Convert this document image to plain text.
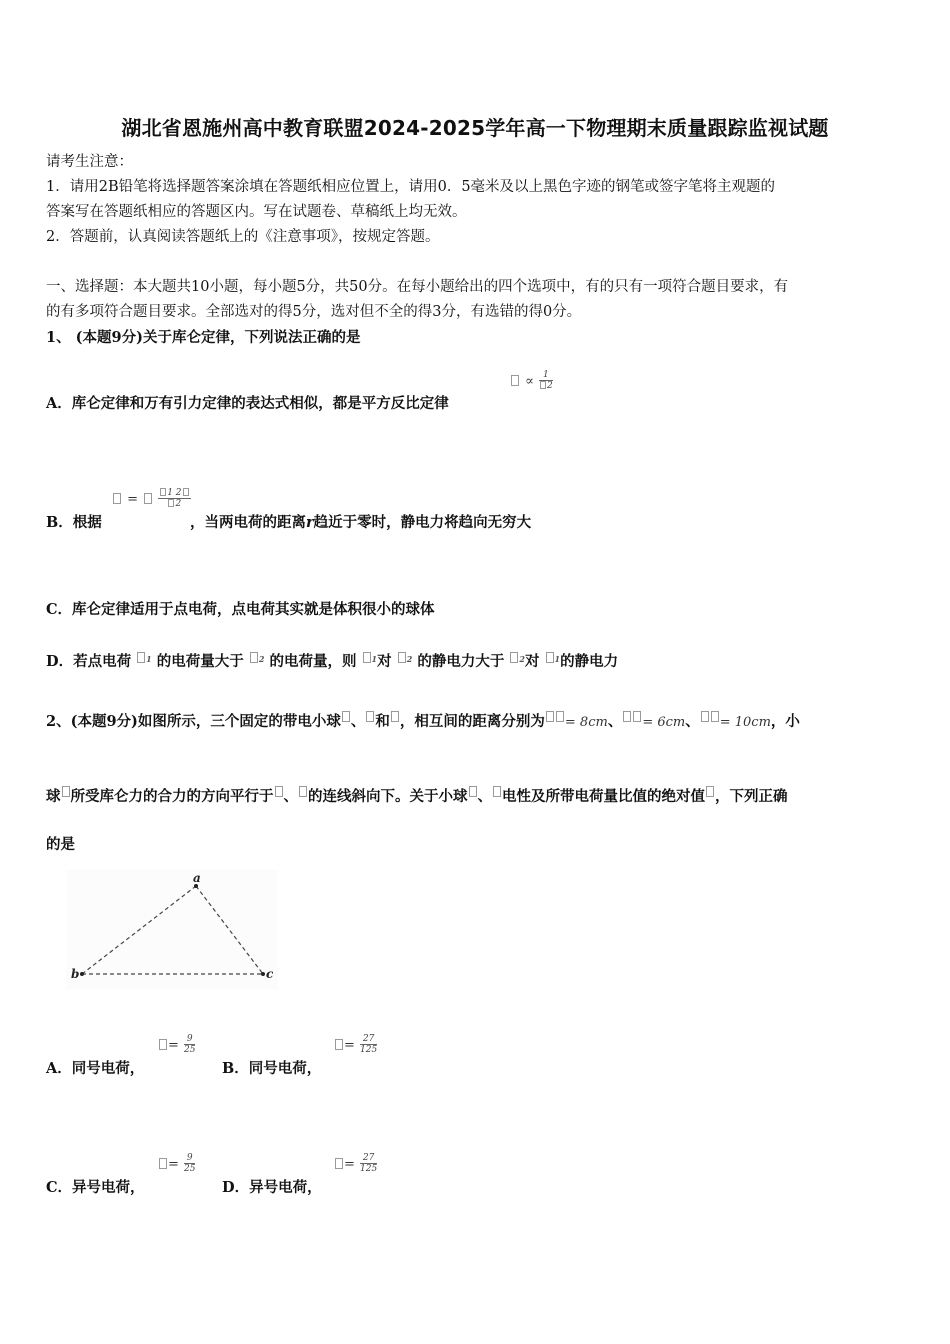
湖北省恩施州高中教育联盟2024-2025学年高一下物理期末质量跟踪监视试题
请考生注意：
1．请用2B铅笔将选择题答案涂填在答题纸相应位置上，请用0．5毫米及以上黑色字迹的钢笔或签字笔将主观题的
答案写在答题纸相应的答题区内。写在试题卷、草稿纸上均无效。
2．答题前，认真阅读答题纸上的《注意事项》，按规定答题。
一、选择题：本大题共10小题，每小题5分，共50分。在每小题给出的四个选项中，有的只有一项符合题目要求，有
的有多项符合题目要求。全部选对的得5分，选对但不全的得3分，有选错的得0分。
1、 (本题9分)关于库仑定律，下列说法正确的是
A．库仑定律和万有引力定律的表达式相似，都是平方反比定律
∝ $\frac{1}{2}$
B．根据
= $\frac{1 2}{2}$
，当两电荷的距离r趋近于零时，静电力将趋向无穷大
C．库仑定律适用于点电荷，点电荷其实就是体积很小的球体
D．若点电荷 $^1$ 的电荷量大于 $^2$ 的电荷量，则 $^1$对 $^2$ 的静电力大于 $^2$对 $^1$的静电力
2、(本题9分)如图所示，三个固定的带电小球 、 和 ，相互间的距离分别为 = 8cm、 = 6cm、 = 10cm，小
球 所受库仑力的合力的方向平行于 、 的连线斜向下。关于小球 、 电性及所带电荷量比值的绝对值 ，下列正确
的是
a
b	c
A．同号电荷，
= $\frac{9}{25}$
B．同号电荷，
= $\frac{27}{125}$
C．异号电荷，
= $\frac{9}{25}$
D．异号电荷，
= $\frac{27}{125}$
